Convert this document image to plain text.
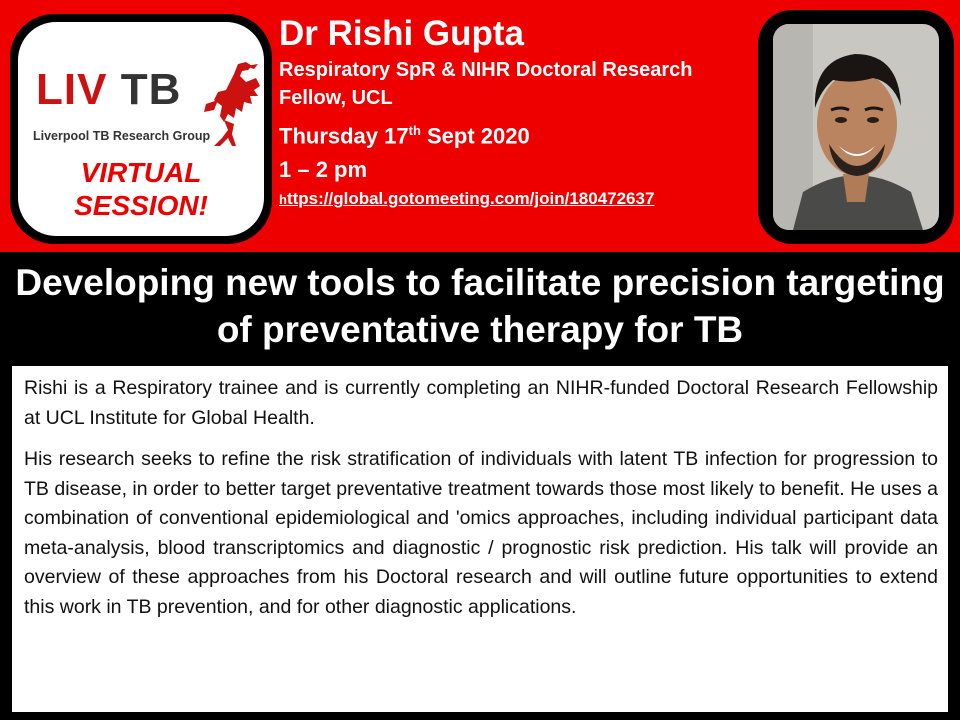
LIV TB
Liverpool TB Research Group
VIRTUAL
SESSION!
Dr Rishi Gupta
Respiratory SpR & NIHR Doctoral Research Fellow, UCL
Thursday 17th Sept 2020
1 – 2 pm
https://global.gotomeeting.com/join/180472637
Developing new tools to facilitate precision targeting of preventative therapy for TB

Rishi is a Respiratory trainee and is currently completing an NIHR-funded Doctoral Research Fellowship at UCL Institute for Global Health.

His research seeks to refine the risk stratification of individuals with latent TB infection for progression to TB disease, in order to better target preventative treatment towards those most likely to benefit. He uses a combination of conventional epidemiological and 'omics approaches, including individual participant data meta-analysis, blood transcriptomics and diagnostic / prognostic risk prediction. His talk will provide an overview of these approaches from his Doctoral research and will outline future opportunities to extend this work in TB prevention, and for other diagnostic applications.
